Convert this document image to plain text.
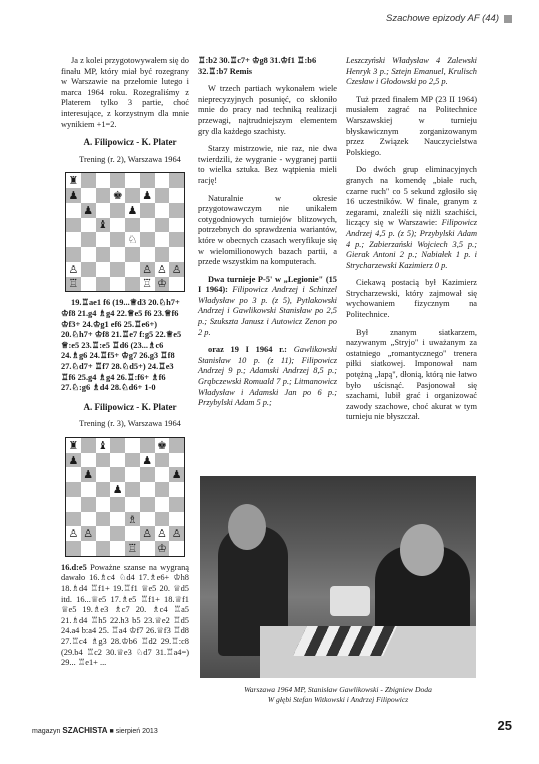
Szachowe epizody AF (44)

Ja z kolei przygotowywałem się do finału MP, który miał być rozegrany w Warszawie na przełomie lutego i marca 1964 roku. Rozegraliśmy z Platerem tylko 3 partie, choć interesujące, z korzystnym dla mnie wynikiem +1=2.

A. Filipowicz - K. Plater

Trening (r. 2), Warszawa 1964

♜
♟	♚ ♟
♟	♟
♝
♘
♙	♙ ♙ ♙
♖	♖ ♔

19.♖ae1 f6 (19...♕d3 20.♘h7+ ♔f8 21.g4 ♗g4 22.♕e5 f6 23.♕f6 ♔f3+ 24.♔g1 ef6 25.♖e6+) 20.♘h7+ ♔f8 21.♖e7 f:g5 22.♕e5 ♕:e5 23.♖:e5 ♖d6 (23...♗c6 24.♗g6 24.♖f5+ ♔g7 26.g3 ♖f8 27.♘d7+ ♖f7 28.♘d5+) 24.♖e3 ♖f6 25.g4 ♗g4 26.♖:f6+ ♗f6 27.♘:g6 ♗d4 28.♘d6+ 1-0

A. Filipowicz - K. Plater

Trening (r. 3), Warszawa 1964

♜ ♝	♚
♟	♟
♟	♟
♟
♗
♙ ♙	♙ ♙ ♙
♖ ♔

16.d:e5 Poważne szanse na wygraną dawało 16.♗c4 ♘d4 17.♗e6+ ♔h8 18.♗d4 ♖f1+ 19.♖f1 ♕e5 20. ♕d5 itd. 16...♕e5 17.♗e5 ♖f1+ 18.♕f1 ♕e5 19.♗e3 ♗c7 20. ♗c4 ♖a5 21.♗d4 ♖h5 22.h3 b5 23.♕e2 ♖d5 24.a4 b:a4 25. ♖a4 ♔f7 26.♕f3 ♖d8 27.♖c4 ♗g3 28.♔b6 ♖d2 29.♖:c8 (29.b4 ♖c2 30.♕e3 ♘d7 31.♖a4=) 29... ♖e1+ ...

♖:b2 30.♖c7+ ♔g8 31.♔f1 ♖:b6 32.♖:b7 Remis

W trzech partiach wykonałem wiele nieprecyzyjnych posunięć, co skłoniło mnie do pracy nad techniką realizacji przewagi, najtrudniejszym elementem gry dla każdego szachisty.

Starzy mistrzowie, nie raz, nie dwa twierdzili, że wygranie - wygranej partii to wielka sztuka. Bez wątpienia mieli rację!

Naturalnie w okresie przygotowawczym nie unikałem cotygodniowych turniejów blitzowych, potrzebnych do sprawdzenia wariantów, które w obecnych czasach weryfikuje się w wielomilionowych bazach partii, a przede wszystkim na komputerach.

Dwa turnieje P-5' w „Legionie" (15 I 1964): Filipowicz Andrzej i Schinzel Władysław po 3 p. (z 5), Pytlakowski Andrzej i Gawlikowski Stanisław po 2,5 p.; Szukszta Janusz i Autowicz Zenon po 2 p.

oraz 19 I 1964 r.: Gawlikowski Stanisław 10 p. (z 11); Filipowicz Andrzej 9 p.; Adamski Andrzej 8,5 p.; Grąbczewski Romuald 7 p.; Litmanowicz Władysław i Adamski Jan po 6 p.; Przybylski Adam 5 p.;

Leszczyński Władysław 4 Zalewski Henryk 3 p.; Sztejn Emanuel, Krulisch Czesław i Głodowski po 2,5 p.

Tuż przed finałem MP (23 II 1964) musiałem zagrać na Politechnice Warszawskiej w turnieju błyskawicznym zorganizowanym przez Związek Nauczycielstwa Polskiego.

Do dwóch grup eliminacyjnych granych na komendę „białe ruch, czarne ruch" co 5 sekund zgłosiło się 16 uczestników. W finale, granym z zegarami, znaleźli się niżli szachiści, liczący się w Warszawie: Filipowicz Andrzej 4,5 p. (z 5); Przybylski Adam 4 p.; Zabierzański Wojciech 3,5 p.; Gierak Antoni 2 p.; Nabiałek 1 p. i Strycharzewski Kazimierz 0 p.

Ciekawą postacią był Kazimierz Strycharzewski, który zajmował się wychowaniem fizycznym na Politechnice.

Był znanym siatkarzem, nazywanym „Stryjo" i uważanym za ostatniego „romantycznego" trenera piłki siatkowej. Imponował nam potężną „łapą", dłonią, którą nie łatwo było uścisnąć. Pasjonował się szachami, lubił grać i organizować zawody szachowe, choć akurat w tym turnieju nie błyszczał.

Warszawa 1964 MP, Stanisław Gawlikowski - Zbigniew Doda
W głębi Stefan Witkowski i Andrzej Filipowicz
magazyn SZACHISTA ■ sierpień 2013	25
